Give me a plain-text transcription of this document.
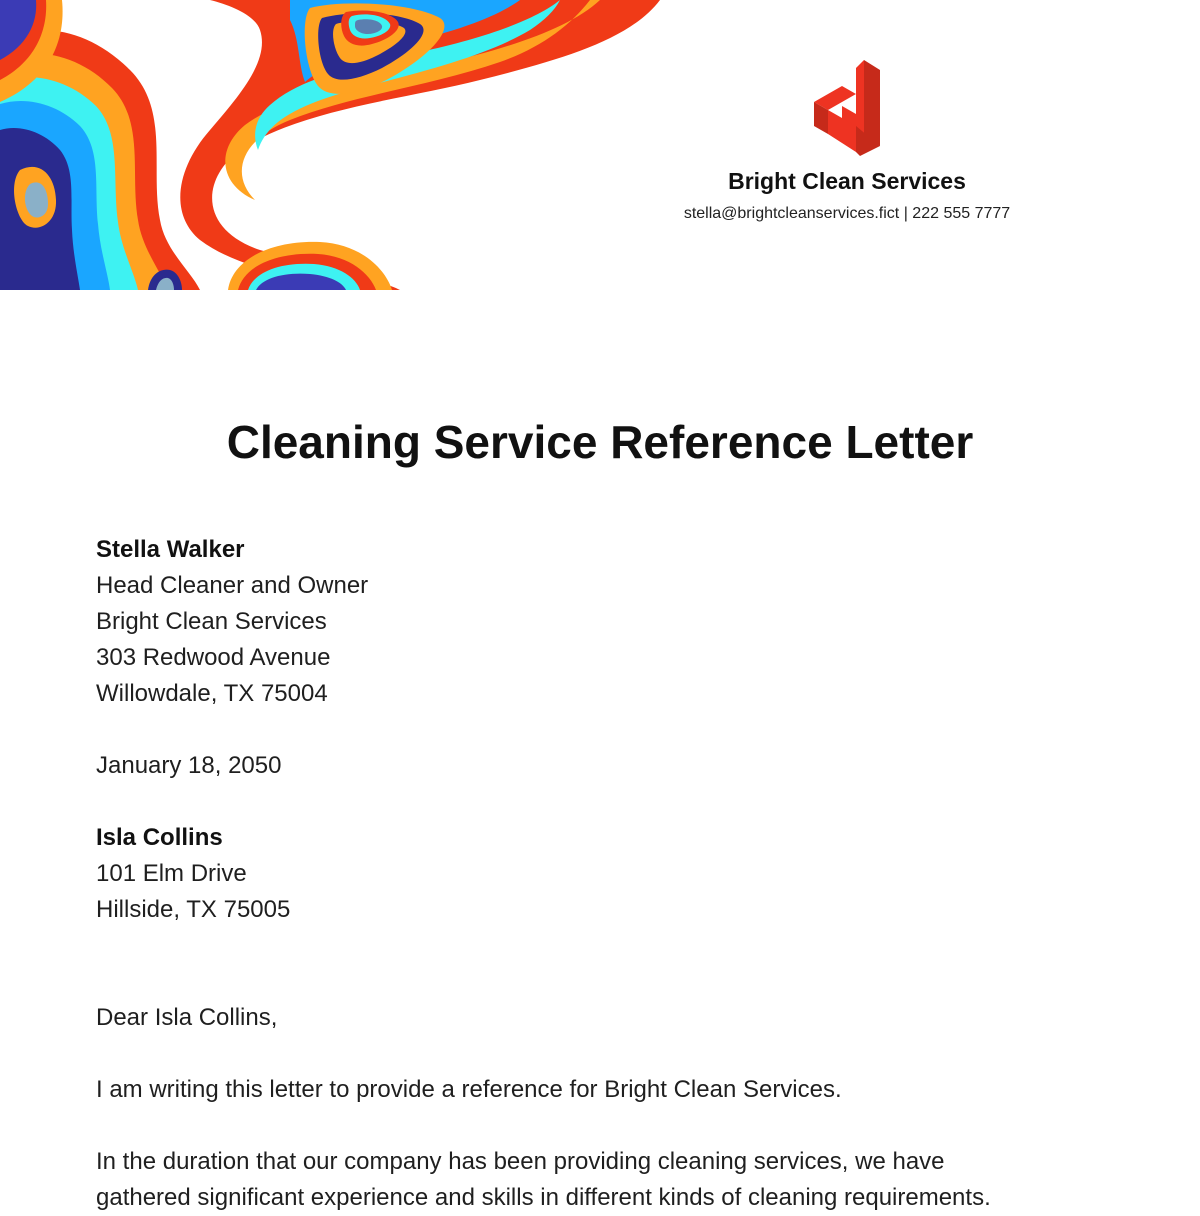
Bright Clean Services
stella@brightcleanservices.fict | 222 555 7777
Cleaning Service Reference Letter
Stella Walker
Head Cleaner and Owner
Bright Clean Services
303 Redwood Avenue
Willowdale, TX 75004
January 18, 2050
Isla Collins
101 Elm Drive
Hillside, TX 75005
Dear Isla Collins,

I am writing this letter to provide a reference for Bright Clean Services.

In the duration that our company has been providing cleaning services, we have
gathered significant experience and skills in different kinds of cleaning requirements.
